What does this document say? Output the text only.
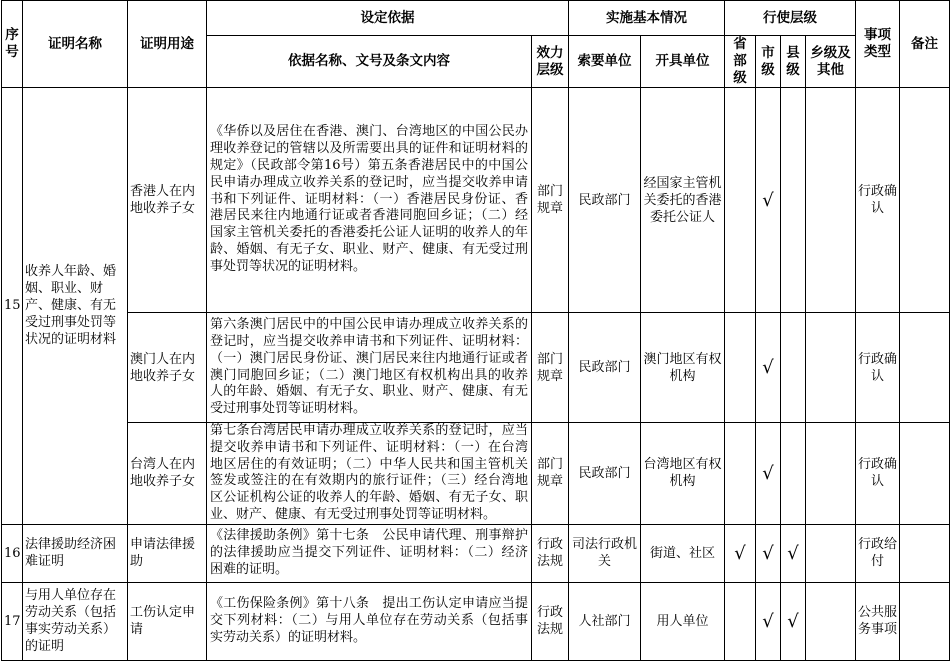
序号	证明名称	证明用途	设定依据		实施基本情况		行使层级				事项类型	备注
			依据名称、文号及条文内容	效力层级	索要单位	开具单位	省部级	市级	县级	乡级及其他		
15	收养人年龄、婚姻、职业、财产、健康、有无受过刑事处罚等状况的证明材料	香港人在内地收养子女	《华侨以及居住在香港、澳门、台湾地区的中国公民办理收养登记的管辖以及所需要出具的证件和证明材料的规定》（民政部令第16号）第五条香港居民中的中国公民申请办理成立收养关系的登记时，应当提交收养申请书和下列证件、证明材料：（一）香港居民身份证、香港居民来往内地通行证或者香港同胞回乡证；（二）经国家主管机关委托的香港委托公证人证明的收养人的年龄、婚姻、有无子女、职业、财产、健康、有无受过刑事处罚等状况的证明材料。	部门规章	民政部门	经国家主管机关委托的香港委托公证人		√			行政确认	
		澳门人在内地收养子女	第六条澳门居民中的中国公民申请办理成立收养关系的登记时，应当提交收养申请书和下列证件、证明材料：（一）澳门居民身份证、澳门居民来往内地通行证或者澳门同胞回乡证；（二）澳门地区有权机构出具的收养人的年龄、婚姻、有无子女、职业、财产、健康、有无受过刑事处罚等证明材料。	部门规章	民政部门	澳门地区有权机构		√			行政确认	
		台湾人在内地收养子女	第七条台湾居民申请办理成立收养关系的登记时，应当提交收养申请书和下列证件、证明材料：（一）在台湾地区居住的有效证明；（二）中华人民共和国主管机关签发或签注的在有效期内的旅行证件；（三）经台湾地区公证机构公证的收养人的年龄、婚姻、有无子女、职业、财产、健康、有无受过刑事处罚等证明材料。	部门规章	民政部门	台湾地区有权机构		√			行政确认	
16	法律援助经济困难证明	申请法律援助	《法律援助条例》第十七条　公民申请代理、刑事辩护的法律援助应当提交下列证件、证明材料：（二）经济困难的证明。	行政法规	司法行政机关	街道、社区	√	√	√		行政给付	
17	与用人单位存在劳动关系（包括事实劳动关系）的证明	工伤认定申请	《工伤保险条例》第十八条　提出工伤认定申请应当提交下列材料：（二）与用人单位存在劳动关系（包括事实劳动关系）的证明材料。	行政法规	人社部门	用人单位		√	√		公共服务事项	
